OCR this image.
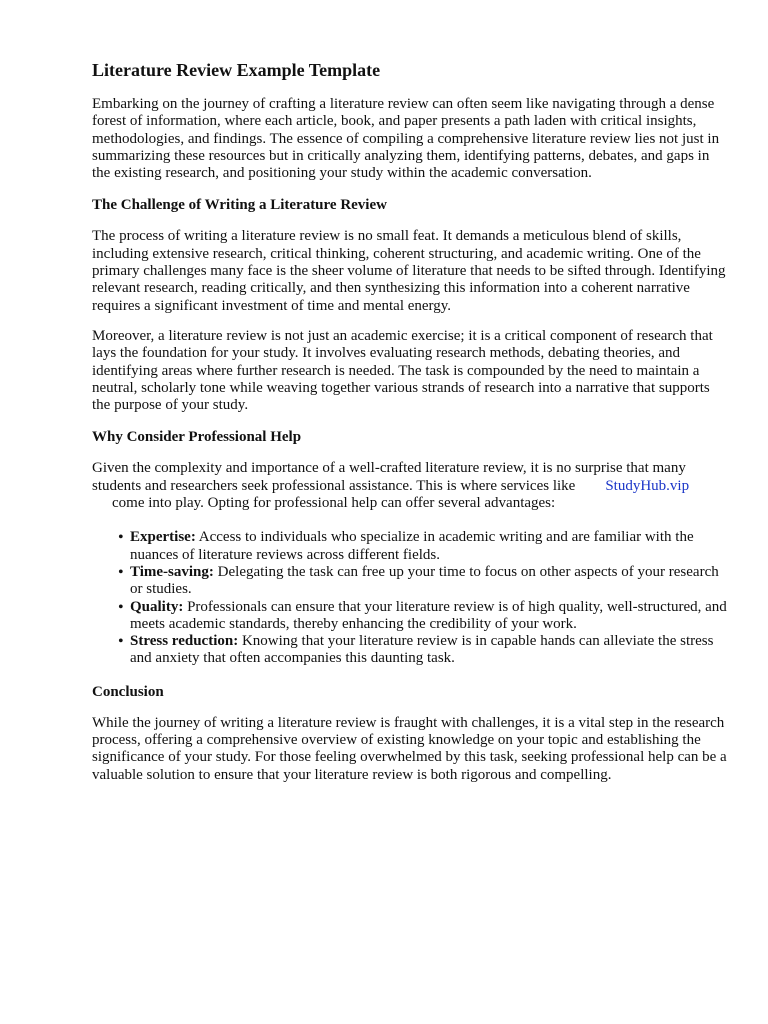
Literature Review Example Template

Embarking on the journey of crafting a literature review can often seem like navigating through a dense forest of information, where each article, book, and paper presents a path laden with critical insights, methodologies, and findings. The essence of compiling a comprehensive literature review lies not just in summarizing these resources but in critically analyzing them, identifying patterns, debates, and gaps in the existing research, and positioning your study within the academic conversation.

The Challenge of Writing a Literature Review

The process of writing a literature review is no small feat. It demands a meticulous blend of skills, including extensive research, critical thinking, coherent structuring, and academic writing. One of the primary challenges many face is the sheer volume of literature that needs to be sifted through. Identifying relevant research, reading critically, and then synthesizing this information into a coherent narrative requires a significant investment of time and mental energy.

Moreover, a literature review is not just an academic exercise; it is a critical component of research that lays the foundation for your study. It involves evaluating research methods, debating theories, and identifying areas where further research is needed. The task is compounded by the need to maintain a neutral, scholarly tone while weaving together various strands of research into a narrative that supports the purpose of your study.

Why Consider Professional Help

Given the complexity and importance of a well-crafted literature review, it is no surprise that many students and researchers seek professional assistance. This is where services like StudyHub.vip
come into play. Opting for professional help can offer several advantages:

• Expertise: Access to individuals who specialize in academic writing and are familiar with the nuances of literature reviews across different fields.
• Time-saving: Delegating the task can free up your time to focus on other aspects of your research or studies.
• Quality: Professionals can ensure that your literature review is of high quality, well-structured, and meets academic standards, thereby enhancing the credibility of your work.
• Stress reduction: Knowing that your literature review is in capable hands can alleviate the stress and anxiety that often accompanies this daunting task.
Conclusion

While the journey of writing a literature review is fraught with challenges, it is a vital step in the research process, offering a comprehensive overview of existing knowledge on your topic and establishing the significance of your study. For those feeling overwhelmed by this task, seeking professional help can be a valuable solution to ensure that your literature review is both rigorous and compelling.
